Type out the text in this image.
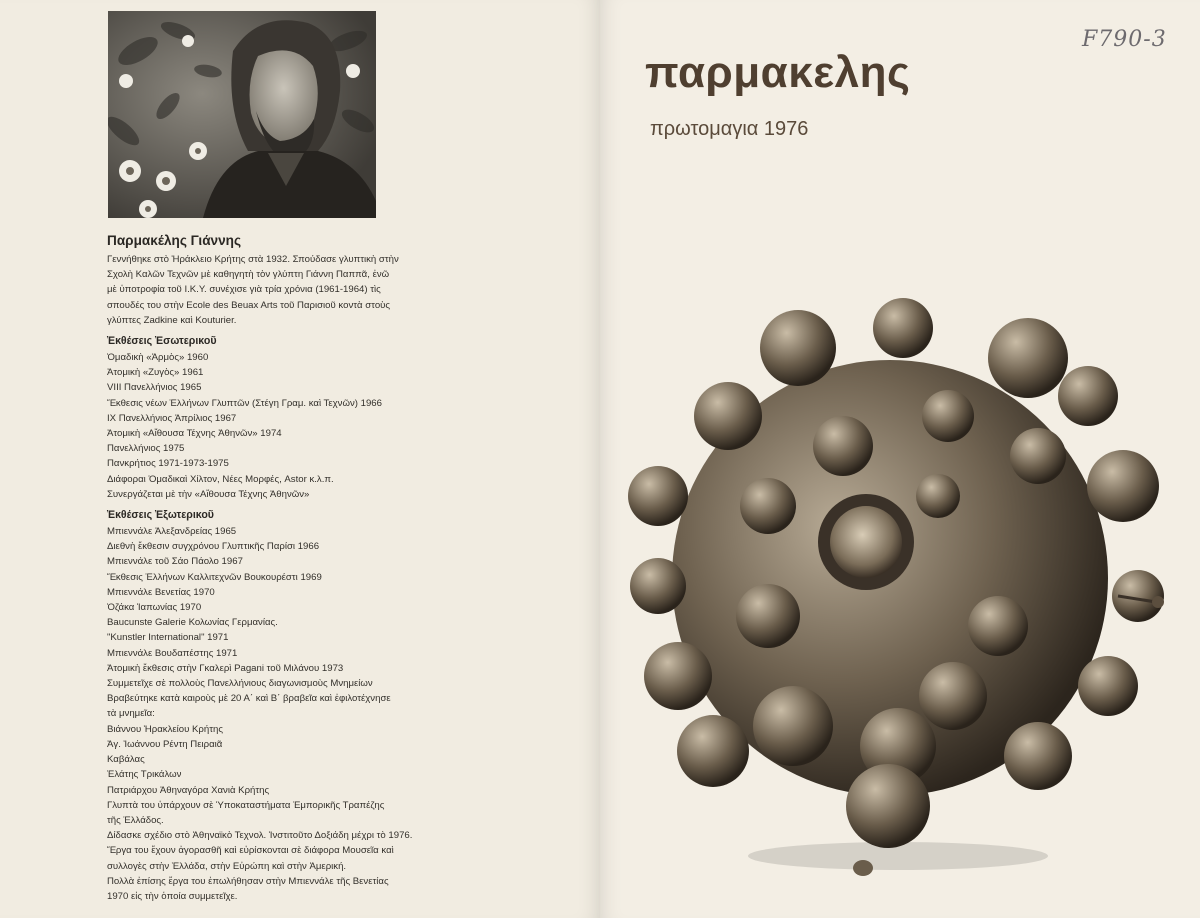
Παρμακέλης Γιάννης
Γεννήθηκε στὸ Ἡράκλειο Κρήτης στὰ 1932. Σπούδασε γλυπτικὴ στὴν
Σχολὴ Καλῶν Τεχνῶν μὲ καθηγητὴ τὸν γλύπτη Γιάννη Παππᾶ, ἐνῶ
μὲ ὑποτροφία τοῦ Ι.Κ.Υ. συνέχισε γιὰ τρία χρόνια (1961-1964) τὶς
σπουδές του στὴν Ecole des Beuax Arts τοῦ Παρισιοῦ κοντὰ στοὺς
γλύπτες Zadkine καὶ Kouturier.
Ἐκθέσεις Ἐσωτερικοῦ
Ὁμαδικὴ «Ἁρμὸς» 1960
Ἀτομικὴ «Ζυγὸς» 1961
VIII Πανελλήνιος 1965
Ἔκθεσις νέων Ἑλλήνων Γλυπτῶν (Στέγη Γραμ. καὶ Τεχνῶν) 1966
IX Πανελλήνιος Ἀπρίλιος 1967
Ἀτομικὴ «Αἴθουσα Τέχνης Ἀθηνῶν» 1974
Πανελλήνιος 1975
Πανκρήτιος 1971-1973-1975
Διάφοραι Ὁμαδικαὶ Χίλτον, Νέες Μορφές, Astor κ.λ.π.
Συνεργάζεται μὲ τὴν «Αἴθουσα Τέχνης Ἀθηνῶν»
Ἐκθέσεις Ἐξωτερικοῦ
Μπιεννάλε Ἀλεξανδρείας 1965
Διεθνὴ ἔκθεσιν συγχρόνου Γλυπτικῆς Παρίσι 1966
Μπιεννάλε τοῦ Σάο Πάολο 1967
Ἔκθεσις Ἑλλήνων Καλλιτεχνῶν Βουκουρέστι 1969
Μπιεννάλε Βενετίας 1970
Ὀζάκα Ἰαπωνίας 1970
Baucunste Galerie Κολωνίας Γερμανίας.
"Kunstler International" 1971
Μπιεννάλε Βουδαπέστης 1971
Ἀτομικὴ ἔκθεσις στὴν Γκαλερὶ Pagani τοῦ Μιλάνου 1973
Συμμετεῖχε σὲ πολλοὺς Πανελλήνιους διαγωνισμοὺς Μνημείων
Βραβεύτηκε κατὰ καιροὺς μὲ 20 Α΄ καὶ Β΄ βραβεῖα καὶ ἐφιλοτέχνησε
τὰ μνημεῖα:
Βιάννου Ἡρακλείου Κρήτης
Ἀγ. Ἰωάννου Ρέντη Πειραιᾶ
Καβάλας
Ἐλάτης Τρικάλων
Πατριάρχου Ἀθηναγόρα Χανιὰ Κρήτης
Γλυπτὰ του ὑπάρχουν σὲ Ὑποκαταστήματα Ἐμπορικῆς Τραπέζης
τῆς Ἑλλάδος.
Δίδασκε σχέδιο στὸ Ἀθηναϊκὸ Τεχνολ. Ἰνστιτοῦτο Δοξιάδη μέχρι τὸ 1976.
Ἔργα του ἔχουν ἀγορασθῆ καὶ εὑρίσκονται σὲ διάφορα Μουσεῖα καὶ
συλλογὲς στὴν Ἑλλάδα, στὴν Εὐρώπη καὶ στὴν Ἀμερική.
Πολλὰ ἐπίσης ἔργα του ἐπωλήθησαν στὴν Μπιεννάλε τῆς Βενετίας
1970 εἰς τὴν ὁποία συμμετεῖχε.
F790-3
παρμακελης
πρωτομαγια 1976
